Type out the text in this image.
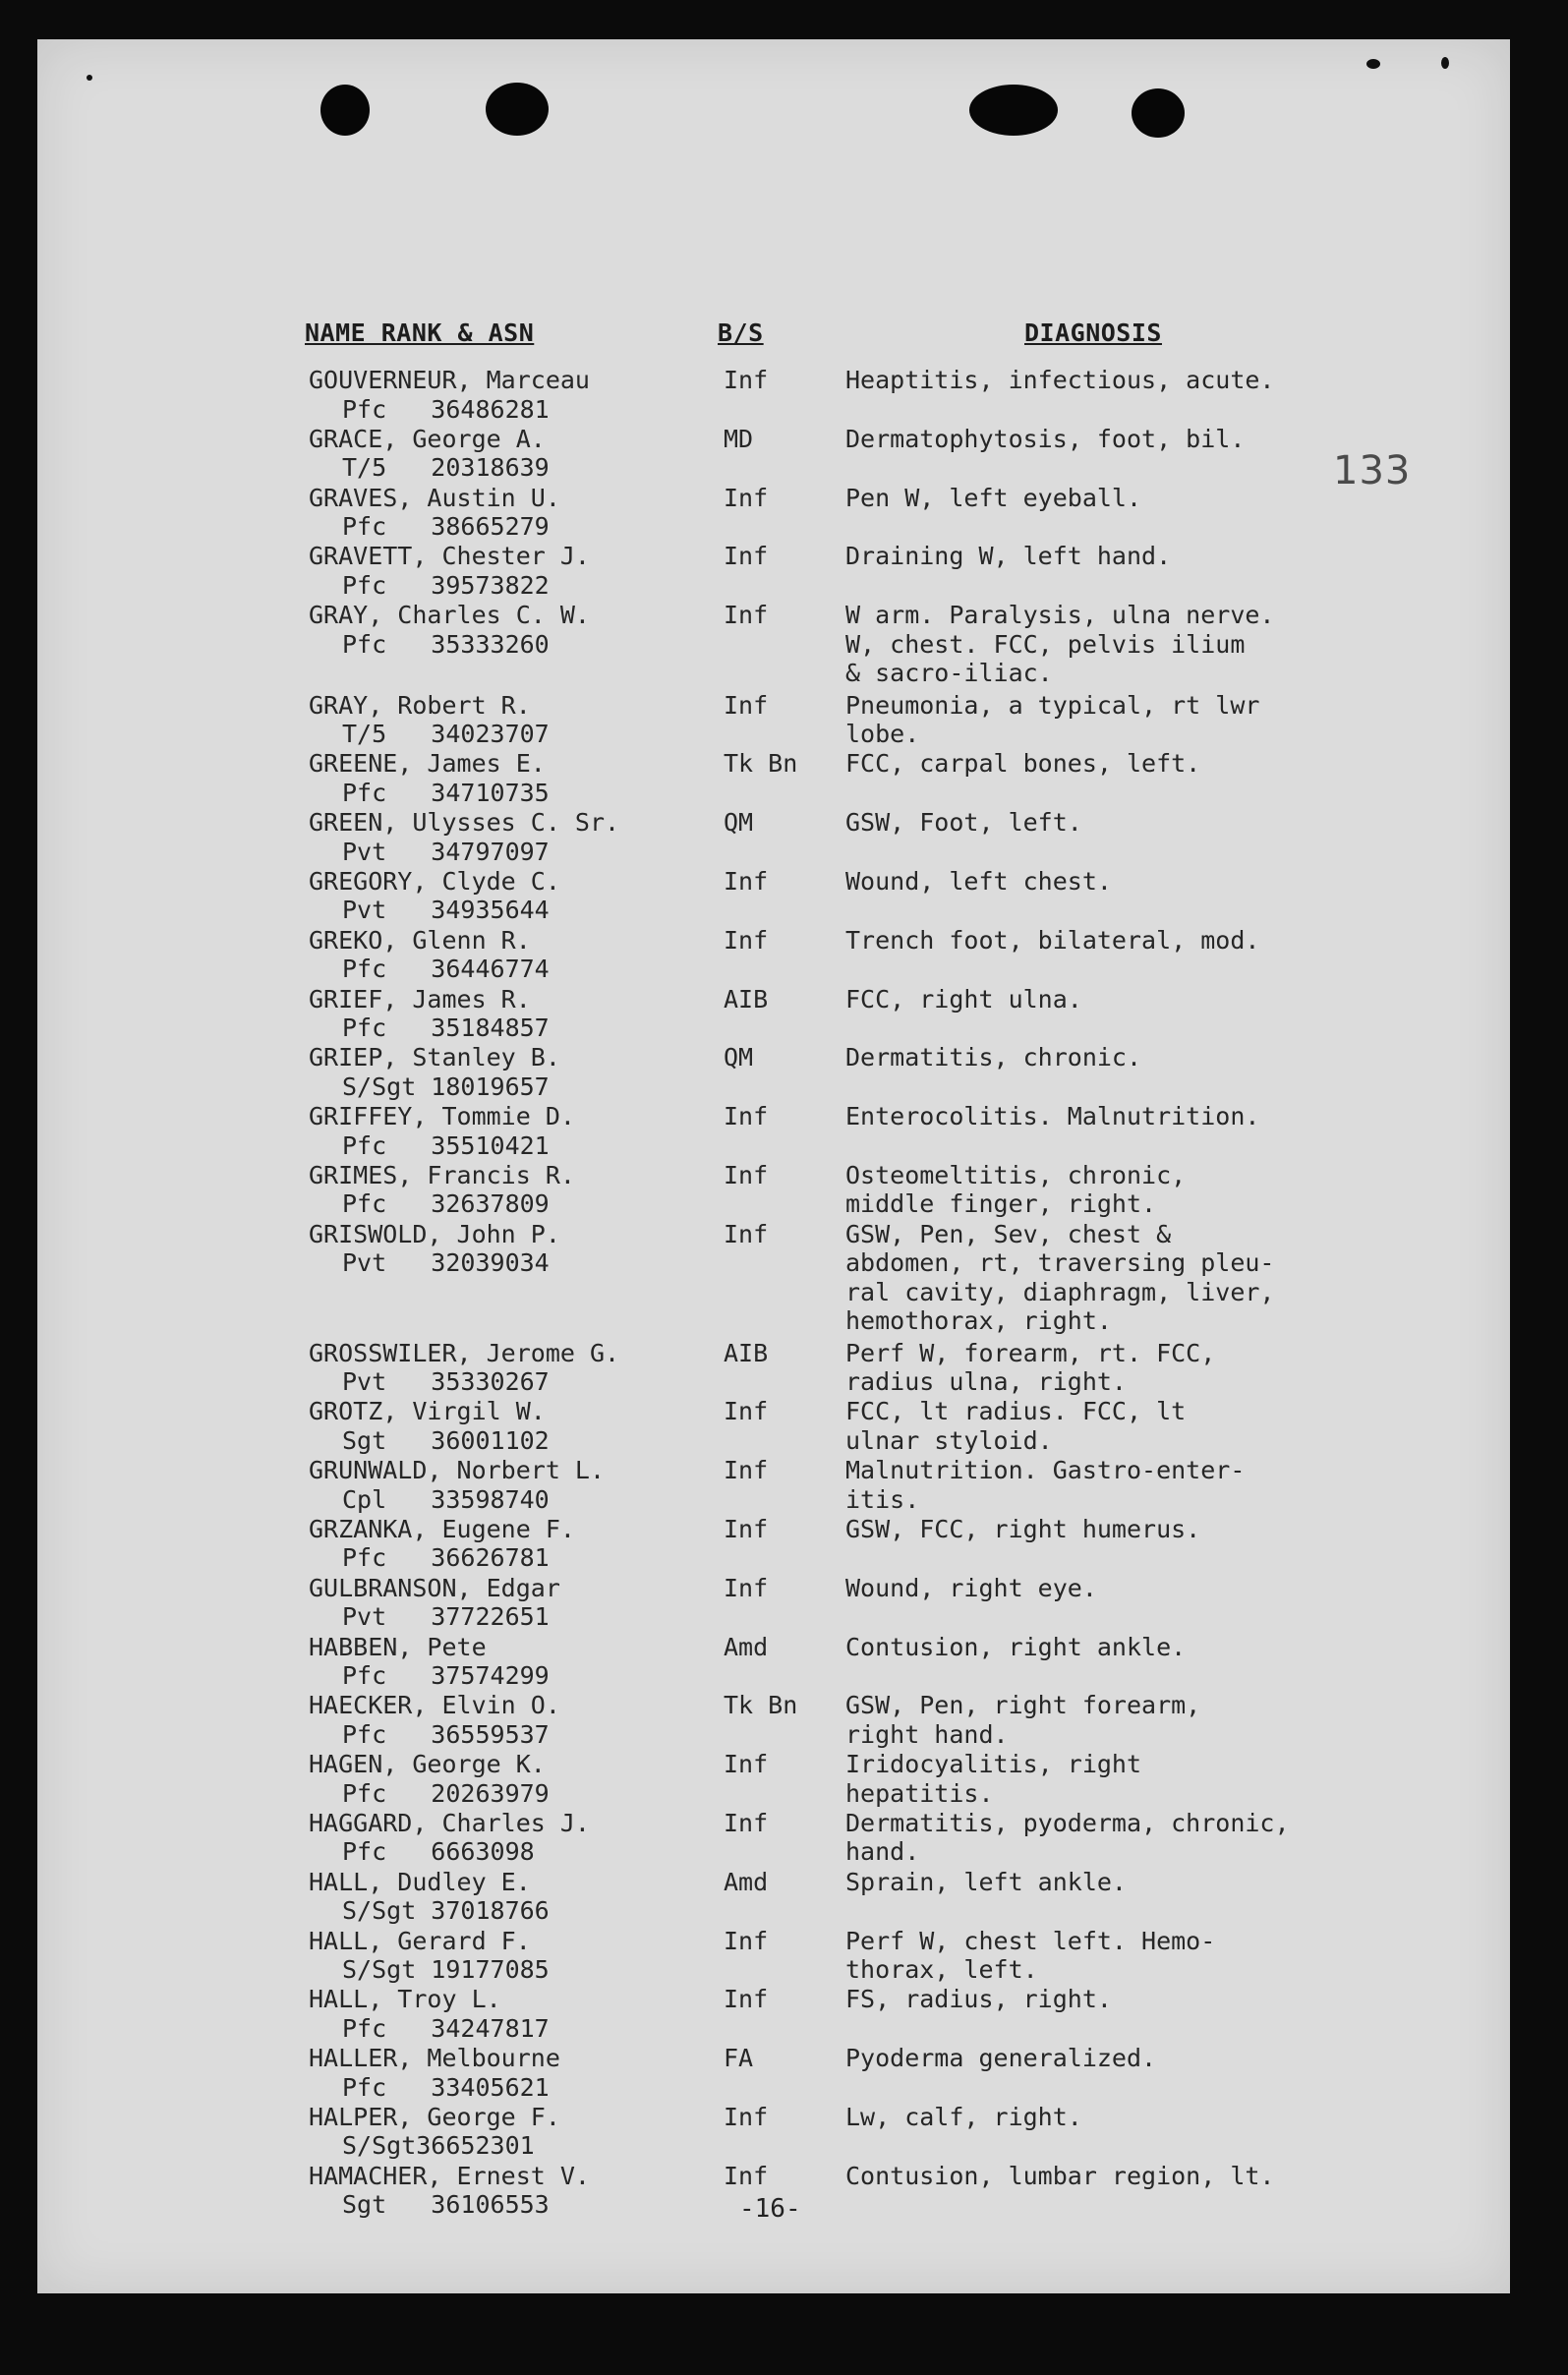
NAME RANK & ASN	B/S	DIAGNOSIS
133
GOUVERNEUR, Marceau
Pfc   36486281
Inf	Heaptitis, infectious, acute.
GRACE, George A.
T/5   20318639
MD	Dermatophytosis, foot, bil.
GRAVES, Austin U.
Pfc   38665279
Inf	Pen W, left eyeball.
GRAVETT, Chester J.
Pfc   39573822
Inf	Draining W, left hand.
GRAY, Charles C. W.
Pfc   35333260
Inf	W arm. Paralysis, ulna nerve.
W, chest. FCC, pelvis ilium
& sacro-iliac.
GRAY, Robert R.
T/5   34023707
Inf	Pneumonia, a typical, rt lwr
lobe.
GREENE, James E.
Pfc   34710735
Tk Bn FCC, carpal bones, left.
GREEN, Ulysses C. Sr.
Pvt   34797097
QM	GSW, Foot, left.
GREGORY, Clyde C.
Pvt   34935644
Inf	Wound, left chest.
GREKO, Glenn R.
Pfc   36446774
Inf	Trench foot, bilateral, mod.
GRIEF, James R.
Pfc   35184857
AIB	FCC, right ulna.
GRIEP, Stanley B.
S/Sgt 18019657
QM	Dermatitis, chronic.
GRIFFEY, Tommie D.
Pfc   35510421
Inf	Enterocolitis. Malnutrition.
GRIMES, Francis R.
Pfc   32637809
Inf	Osteomeltitis, chronic,
middle finger, right.
GRISWOLD, John P.
Pvt   32039034
Inf	GSW, Pen, Sev, chest &
abdomen, rt, traversing pleu-
ral cavity, diaphragm, liver,
hemothorax, right.
GROSSWILER, Jerome G.
Pvt   35330267
AIB	Perf W, forearm, rt. FCC,
radius ulna, right.
GROTZ, Virgil W.
Sgt   36001102
Inf	FCC, lt radius. FCC, lt
ulnar styloid.
GRUNWALD, Norbert L.
Cpl   33598740
Inf	Malnutrition. Gastro-enter-
itis.
GRZANKA, Eugene F.
Pfc   36626781
Inf	GSW, FCC, right humerus.
GULBRANSON, Edgar
Pvt   37722651
Inf	Wound, right eye.
HABBEN, Pete
Pfc   37574299
Amd	Contusion, right ankle.
HAECKER, Elvin O.
Pfc   36559537
Tk Bn GSW, Pen, right forearm,
right hand.
HAGEN, George K.
Pfc   20263979
Inf	Iridocyalitis, right
hepatitis.
HAGGARD, Charles J.
Pfc   6663098
Inf	Dermatitis, pyoderma, chronic,
hand.
HALL, Dudley E.
S/Sgt 37018766
Amd	Sprain, left ankle.
HALL, Gerard F.
S/Sgt 19177085
Inf	Perf W, chest left. Hemo-
thorax, left.
HALL, Troy L.
Pfc   34247817
Inf	FS, radius, right.
HALLER, Melbourne
Pfc   33405621
FA	Pyoderma generalized.
HALPER, George F.
S/Sgt36652301
Inf	Lw, calf, right.
HAMACHER, Ernest V.
Sgt   36106553
Inf	Contusion, lumbar region, lt.
-16-
